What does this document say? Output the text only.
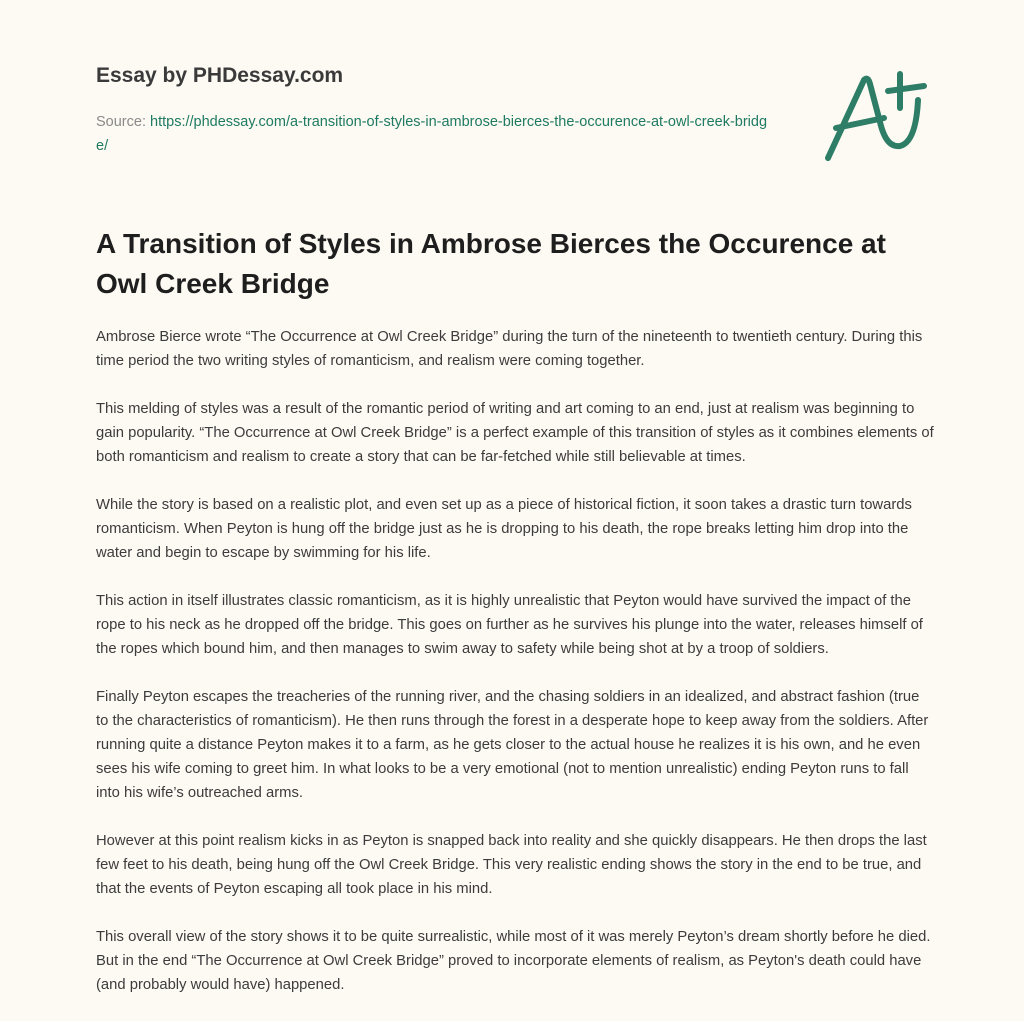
Essay by PHDessay.com
Source: https://phdessay.com/a-transition-of-styles-in-ambrose-bierces-the-occurence-at-owl-creek-bridge/
A Transition of Styles in Ambrose Bierces the Occurence at Owl Creek Bridge

Ambrose Bierce wrote “The Occurrence at Owl Creek Bridge” during the turn of the nineteenth to twentieth century. During this time period the two writing styles of romanticism, and realism were coming together.

This melding of styles was a result of the romantic period of writing and art coming to an end, just at realism was beginning to gain popularity. “The Occurrence at Owl Creek Bridge” is a perfect example of this transition of styles as it combines elements of both romanticism and realism to create a story that can be far-fetched while still believable at times.

While the story is based on a realistic plot, and even set up as a piece of historical fiction, it soon takes a drastic turn towards romanticism. When Peyton is hung off the bridge just as he is dropping to his death, the rope breaks letting him drop into the water and begin to escape by swimming for his life.

This action in itself illustrates classic romanticism, as it is highly unrealistic that Peyton would have survived the impact of the rope to his neck as he dropped off the bridge. This goes on further as he survives his plunge into the water, releases himself of the ropes which bound him, and then manages to swim away to safety while being shot at by a troop of soldiers.

Finally Peyton escapes the treacheries of the running river, and the chasing soldiers in an idealized, and abstract fashion (true to the characteristics of romanticism). He then runs through the forest in a desperate hope to keep away from the soldiers. After running quite a distance Peyton makes it to a farm, as he gets closer to the actual house he realizes it is his own, and he even sees his wife coming to greet him. In what looks to be a very emotional (not to mention unrealistic) ending Peyton runs to fall into his wife’s outreached arms.

However at this point realism kicks in as Peyton is snapped back into reality and she quickly disappears. He then drops the last few feet to his death, being hung off the Owl Creek Bridge. This very realistic ending shows the story in the end to be true, and that the events of Peyton escaping all took place in his mind.

This overall view of the story shows it to be quite surrealistic, while most of it was merely Peyton’s dream shortly before he died. But in the end “The Occurrence at Owl Creek Bridge” proved to incorporate elements of realism, as Peyton's death could have (and probably would have) happened.
